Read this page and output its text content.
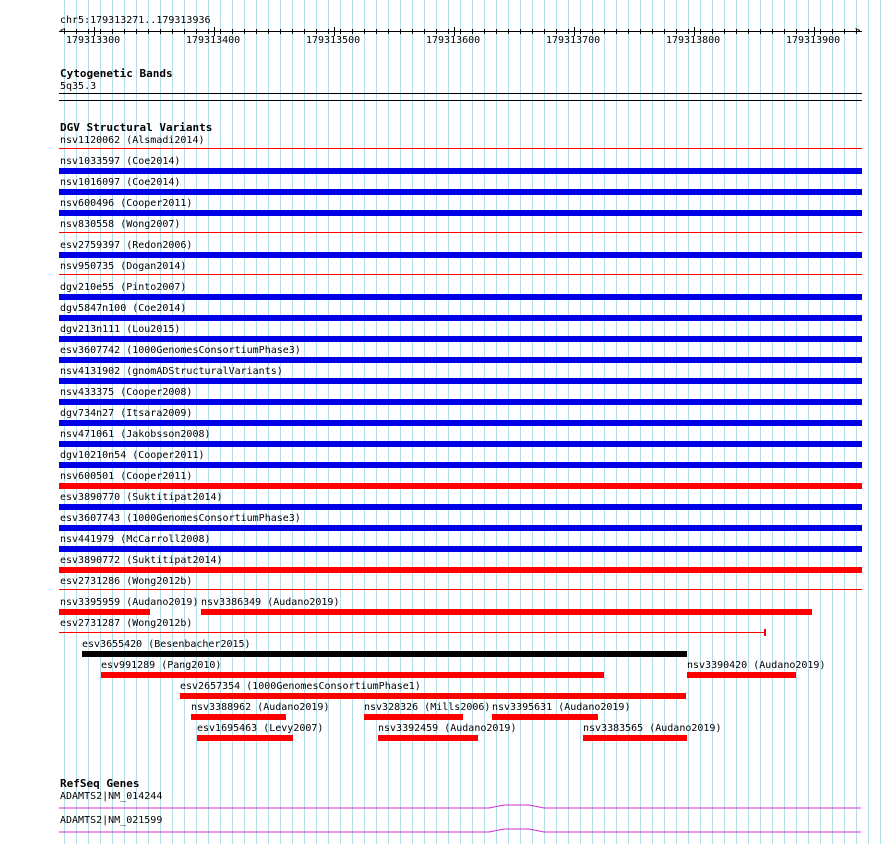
chr5:179313271..179313936
179313300	179313400	179313500	179313600	179313700	179313800	179313900
<	>
Cytogenetic Bands
5q35.3
DGV Structural Variants
nsv1120062 (Alsmadi2014)
nsv1033597 (Coe2014)
nsv1016097 (Coe2014)
nsv600496 (Cooper2011)
nsv830558 (Wong2007)
esv2759397 (Redon2006)
nsv950735 (Dogan2014)
dgv210e55 (Pinto2007)
dgv5847n100 (Coe2014)
dgv213n111 (Lou2015)
esv3607742 (1000GenomesConsortiumPhase3)
nsv4131902 (gnomADStructuralVariants)
nsv433375 (Cooper2008)
dgv734n27 (Itsara2009)
nsv471061 (Jakobsson2008)
dgv10210n54 (Cooper2011)
nsv600501 (Cooper2011)
esv3890770 (Suktitipat2014)
esv3607743 (1000GenomesConsortiumPhase3)
nsv441979 (McCarroll2008)
esv3890772 (Suktitipat2014)
esv2731286 (Wong2012b)
nsv3395959 (Audano2019) nsv3386349 (Audano2019)
esv2731287 (Wong2012b)
esv3655420 (Besenbacher2015)
esv991289 (Pang2010)	nsv3390420 (Audano2019)
esv2657354 (1000GenomesConsortiumPhase1)
nsv3388962 (Audano2019)	nsv328326 (Mills2006) nsv3395631 (Audano2019)
esv1695463 (Levy2007)	nsv3392459 (Audano2019)	nsv3383565 (Audano2019)
RefSeq Genes
ADAMTS2|NM_014244
ADAMTS2|NM_021599
